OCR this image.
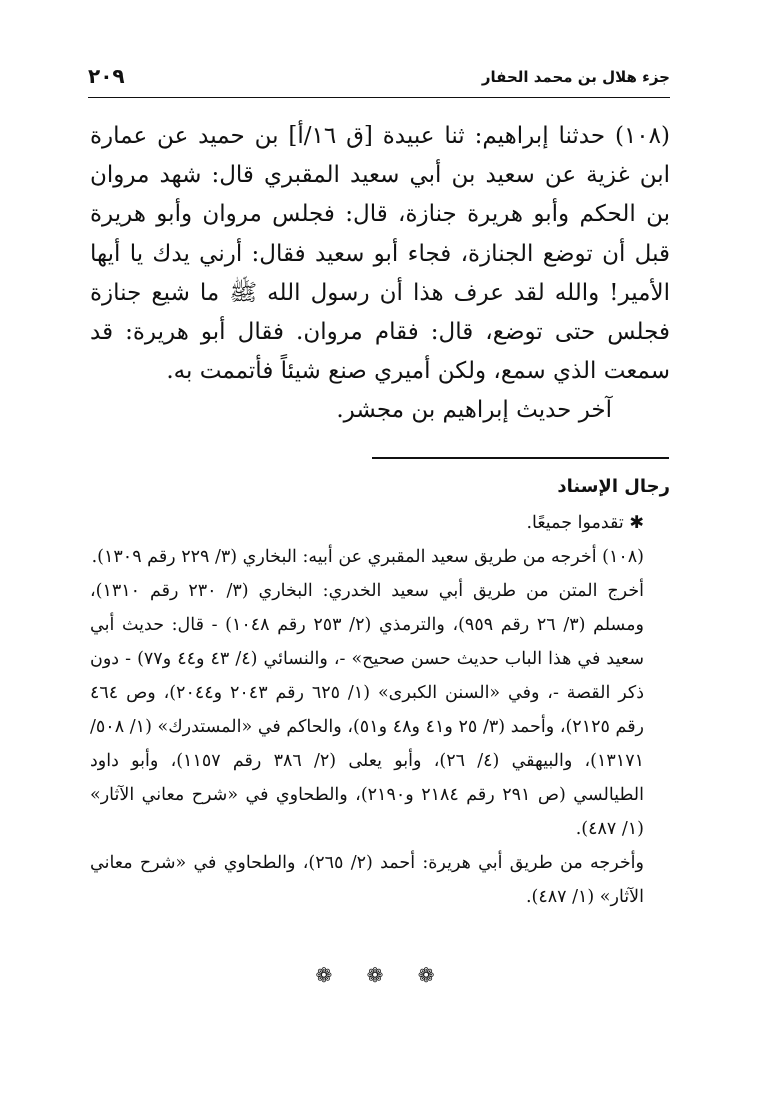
جزء هلال بن محمد الحفار
٢٠٩

(١٠٨) حدثنا إبراهيم: ثنا عبيدة [ق ١٦/أ] بن حميد عن عمارة ابن غزية عن سعيد بن أبي سعيد المقبري قال: شهد مروان بن الحكم وأبو هريرة جنازة، قال: فجلس مروان وأبو هريرة قبل أن توضع الجنازة، فجاء أبو سعيد فقال: أرني يدك يا أيها الأمير! والله لقد عرف هذا أن رسول الله ﷺ ما شيع جنازة فجلس حتى توضع، قال: فقام مروان. فقال أبو هريرة: قد سمعت الذي سمع، ولكن أميري صنع شيئاً فأتممت به.

آخر حديث إبراهيم بن مجشر.

رجال الإسناد

✱ تقدموا جميعًا.

(١٠٨) أخرجه من طريق سعيد المقبري عن أبيه: البخاري (٣/ ٢٢٩ رقم ١٣٠٩).

أخرج المتن من طريق أبي سعيد الخدري: البخاري (٣/ ٢٣٠ رقم ١٣١٠)، ومسلم (٣/ ٢٦ رقم ٩٥٩)، والترمذي (٢/ ٢٥٣ رقم ١٠٤٨) - قال: حديث أبي سعيد في هذا الباب حديث حسن صحيح» -، والنسائي (٤/ ٤٣ و٤٤ و٧٧) - دون ذكر القصة -، وفي «السنن الكبرى» (١/ ٦٢٥ رقم ٢٠٤٣ و٢٠٤٤)، وص ٤٦٤ رقم ٢١٢٥)، وأحمد (٣/ ٢٥ و٤١ و٤٨ و٥١)، والحاكم في «المستدرك» (١/ ٥٠٨/ ١٣١٧١)، والبيهقي (٤/ ٢٦)، وأبو يعلى (٢/ ٣٨٦ رقم ١١٥٧)، وأبو داود الطيالسي (ص ٢٩١ رقم ٢١٨٤ و٢١٩٠)، والطحاوي في «شرح معاني الآثار» (١/ ٤٨٧).

وأخرجه من طريق أبي هريرة: أحمد (٢/ ٢٦٥)، والطحاوي في «شرح معاني الآثار» (١/ ٤٨٧).

❁ ❁ ❁
